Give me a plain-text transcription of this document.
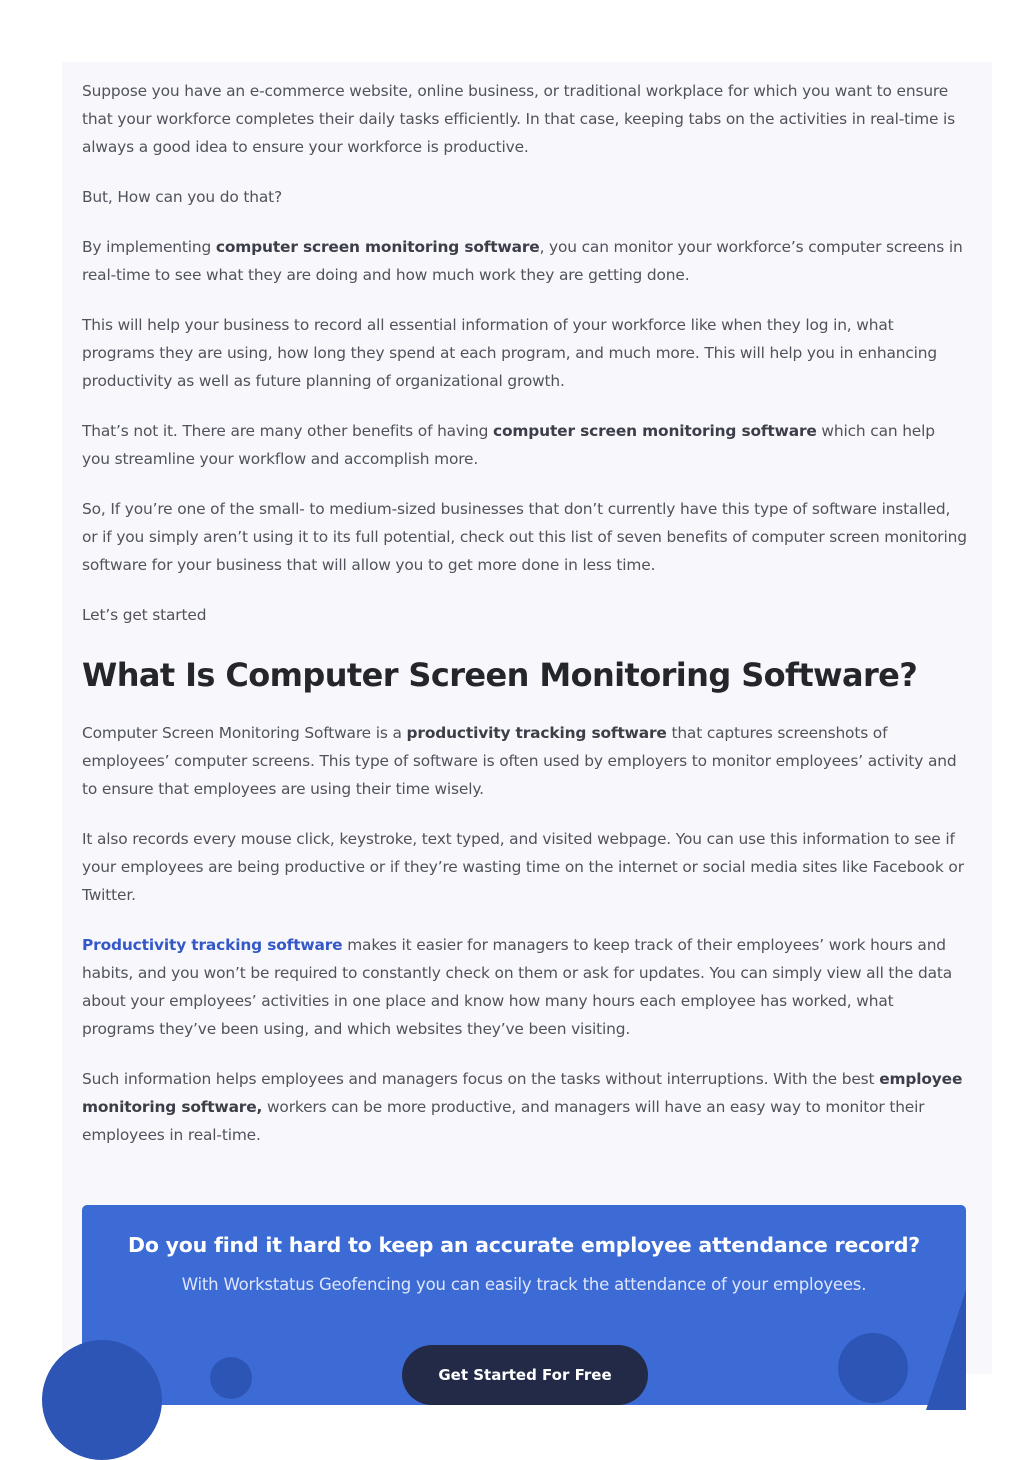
Suppose you have an e-commerce website, online business, or traditional workplace for which you want to ensure that your workforce completes their daily tasks efficiently. In that case, keeping tabs on the activities in real-time is always a good idea to ensure your workforce is productive.

But, How can you do that?

By implementing computer screen monitoring software, you can monitor your workforce’s computer screens in real-time to see what they are doing and how much work they are getting done.

This will help your business to record all essential information of your workforce like when they log in, what programs they are using, how long they spend at each program, and much more. This will help you in enhancing productivity as well as future planning of organizational growth.

That’s not it. There are many other benefits of having computer screen monitoring software which can help you streamline your workflow and accomplish more.

So, If you’re one of the small- to medium-sized businesses that don’t currently have this type of software installed, or if you simply aren’t using it to its full potential, check out this list of seven benefits of computer screen monitoring software for your business that will allow you to get more done in less time.

Let’s get started

What Is Computer Screen Monitoring Software?

Computer Screen Monitoring Software is a productivity tracking software that captures screenshots of employees’ computer screens. This type of software is often used by employers to monitor employees’ activity and to ensure that employees are using their time wisely.

It also records every mouse click, keystroke, text typed, and visited webpage. You can use this information to see if your employees are being productive or if they’re wasting time on the internet or social media sites like Facebook or Twitter.

Productivity tracking software makes it easier for managers to keep track of their employees’ work hours and habits, and you won’t be required to constantly check on them or ask for updates. You can simply view all the data about your employees’ activities in one place and know how many hours each employee has worked, what programs they’ve been using, and which websites they’ve been visiting.

Such information helps employees and managers focus on the tasks without interruptions. With the best employee monitoring software, workers can be more productive, and managers will have an easy way to monitor their employees in real-time.

Do you find it hard to keep an accurate employee attendance record?

With Workstatus Geofencing you can easily track the attendance of your employees.

Get Started For Free
